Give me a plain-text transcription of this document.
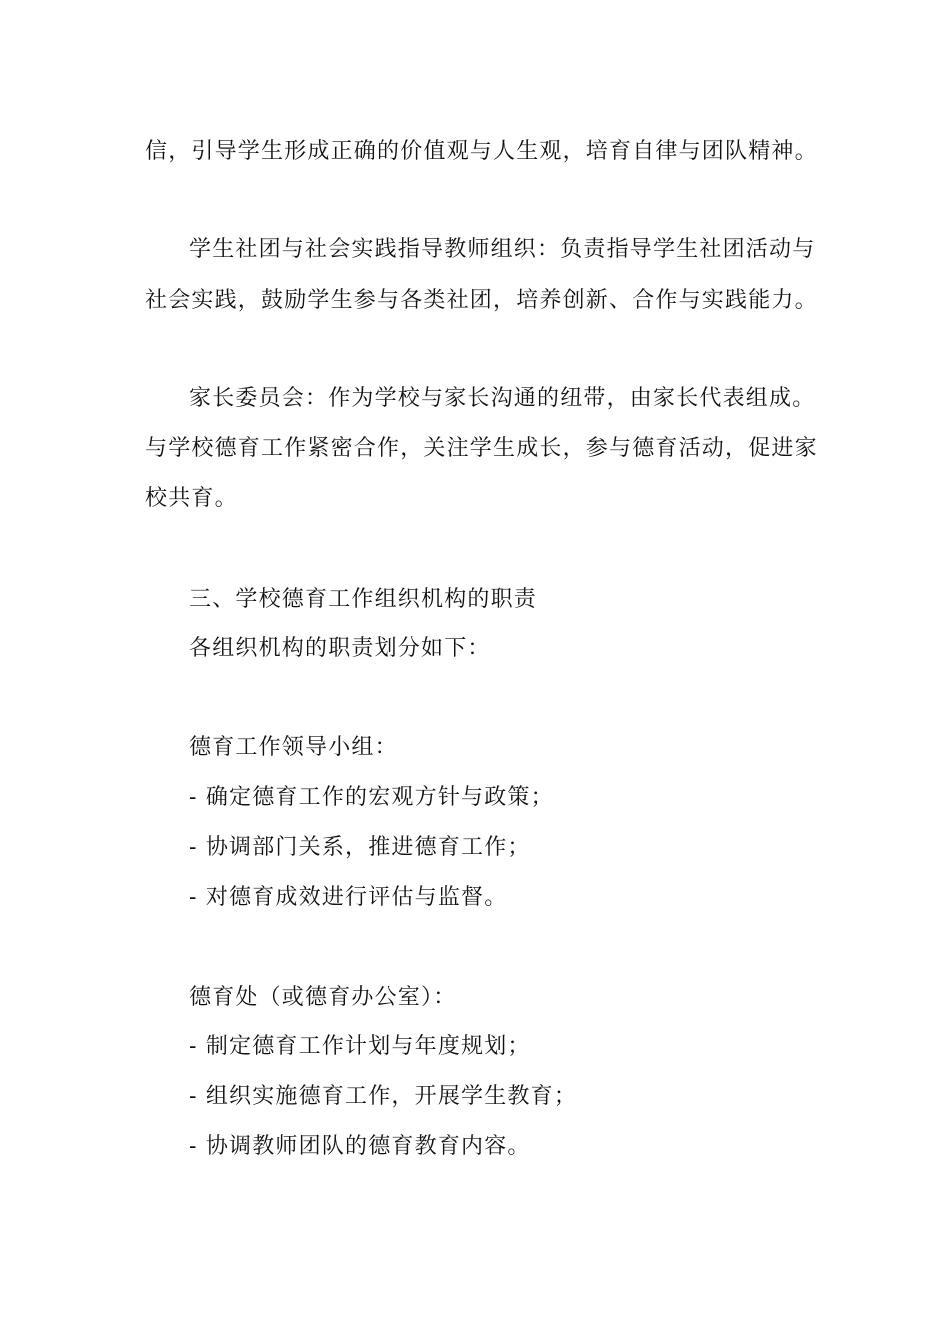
信，引导学生形成正确的价值观与人生观，培育自律与团队精神。
学生社团与社会实践指导教师组织：负责指导学生社团活动与
社会实践，鼓励学生参与各类社团，培养创新、合作与实践能力。
家长委员会：作为学校与家长沟通的纽带，由家长代表组成。
与学校德育工作紧密合作，关注学生成长，参与德育活动，促进家
校共育。
三、学校德育工作组织机构的职责
各组织机构的职责划分如下：
德育工作领导小组：
- 确定德育工作的宏观方针与政策；
- 协调部门关系，推进德育工作；
- 对德育成效进行评估与监督。
德育处（或德育办公室）：
- 制定德育工作计划与年度规划；
- 组织实施德育工作，开展学生教育；
- 协调教师团队的德育教育内容。
